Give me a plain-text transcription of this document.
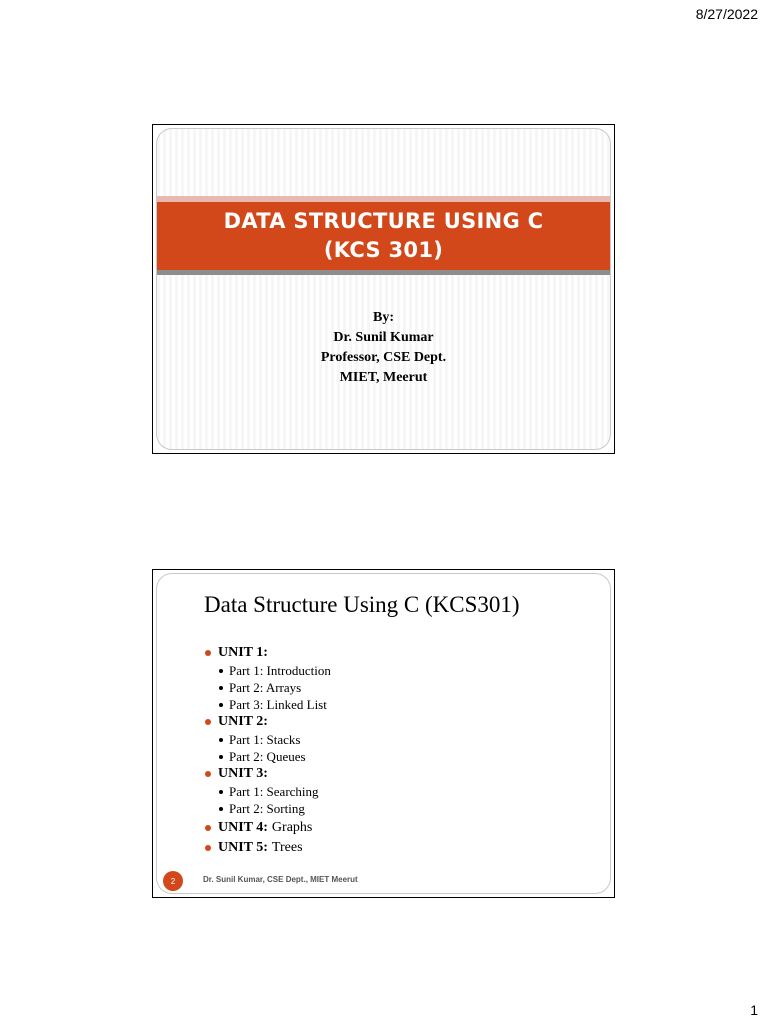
8/27/2022
DATA STRUCTURE USING C
(KCS 301)
By:
Dr. Sunil Kumar
Professor, CSE Dept.
MIET, Meerut
Data Structure Using C (KCS301)
UNIT 1:
Part 1: Introduction
Part 2: Arrays
Part 3: Linked List
UNIT 2:
Part 1: Stacks
Part 2: Queues
UNIT 3:
Part 1: Searching
Part 2: Sorting
UNIT 4: Graphs
UNIT 5: Trees
2	Dr. Sunil Kumar, CSE Dept., MIET Meerut
1
